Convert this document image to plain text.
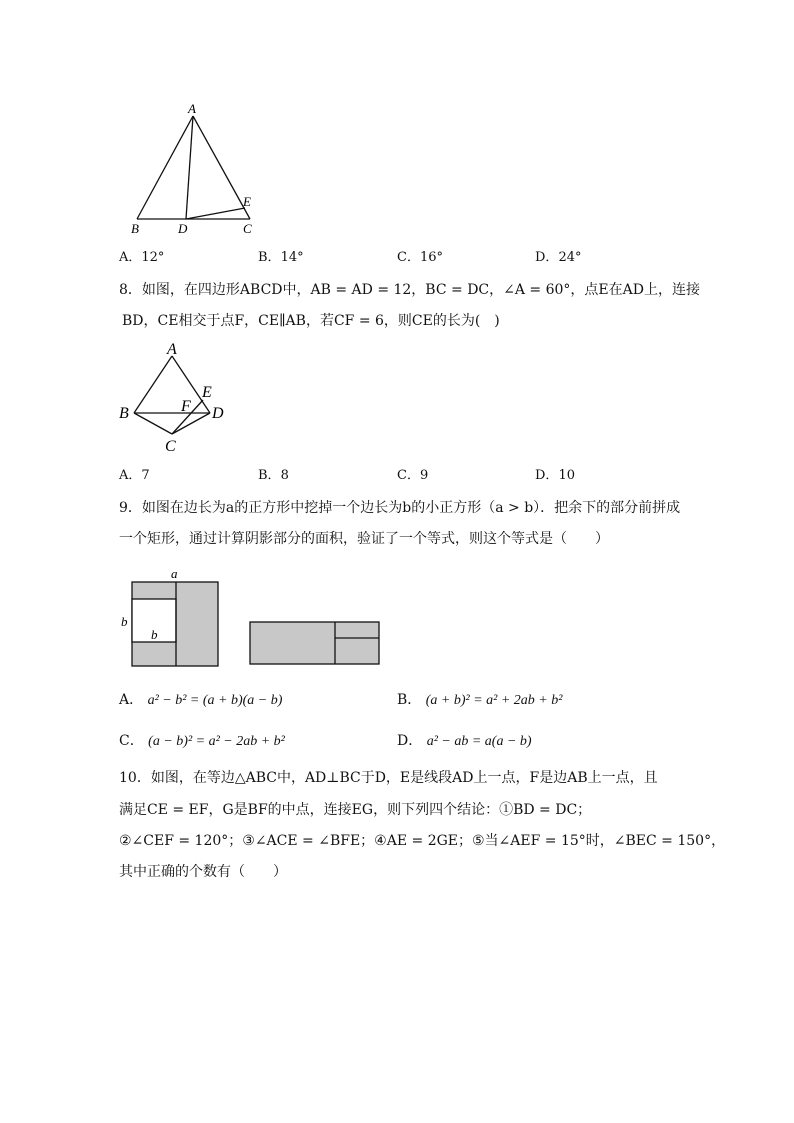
A
B	D	C
E
A．12°	B．14°	C．16°	D．24°
8．如图，在四边形ABCD中，AB = AD = 12，BC = DC，∠A = 60°，点E在AD上，连接
BD，CE相交于点F，CE∥AB，若CF = 6，则CE的长为(　)
A
B	D
E
F
C
A．7	B．8	C．9	D．10
9．如图在边长为a的正方形中挖掉一个边长为b的小正方形（a > b）．把余下的部分前拼成
一个矩形，通过计算阴影部分的面积，验证了一个等式，则这个等式是（　　）
a
b
b
A． a² − b² = (a + b)(a − b)	B． (a + b)² = a² + 2ab + b²
C． (a − b)² = a² − 2ab + b²	D． a² − ab = a(a − b)
10．如图，在等边△ABC中，AD⊥BC于D，E是线段AD上一点，F是边AB上一点，且
满足CE = EF，G是BF的中点，连接EG，则下列四个结论：①BD = DC；
②∠CEF = 120°；③∠ACE = ∠BFE；④AE = 2GE；⑤当∠AEF = 15°时，∠BEC = 150°，
其中正确的个数有（　　）
